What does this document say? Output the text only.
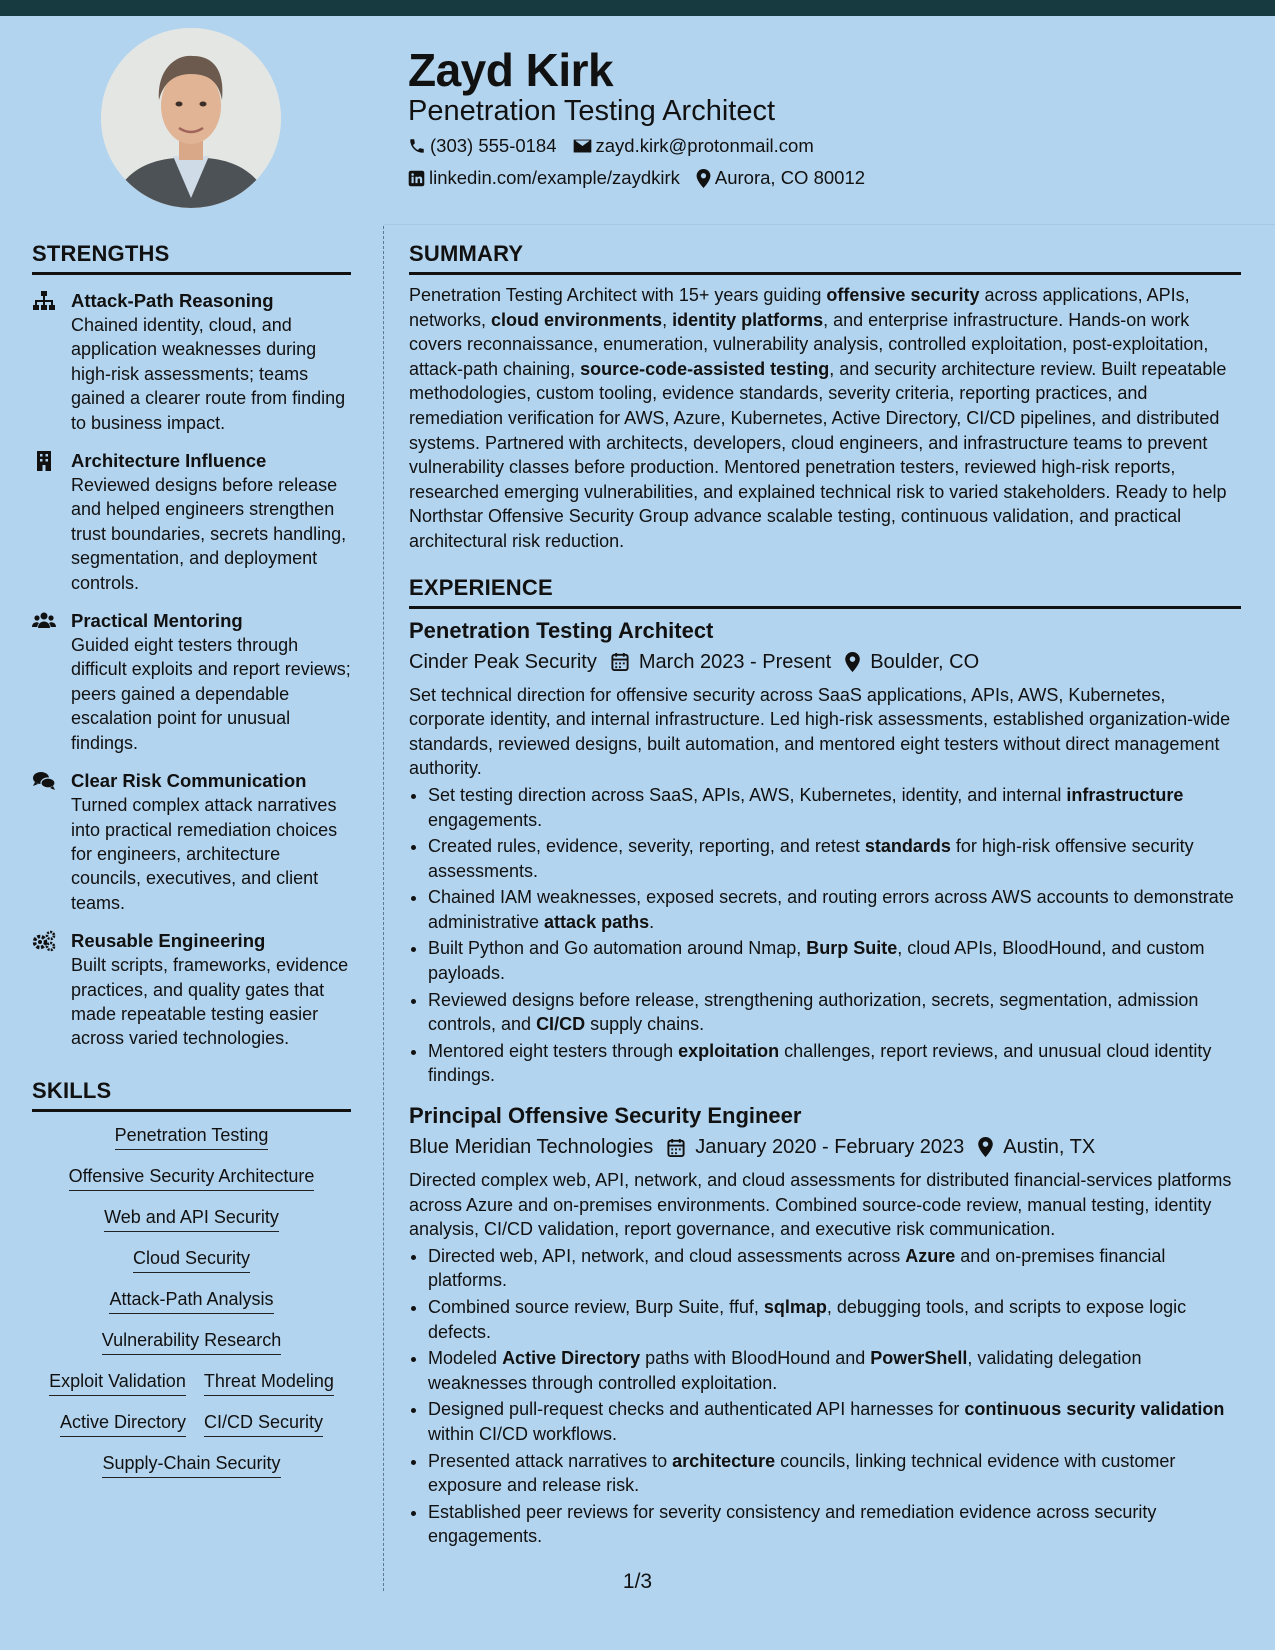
Zayd Kirk
Penetration Testing Architect
(303) 555-0184 zayd.kirk@protonmail.com
linkedin.com/example/zaydkirk Aurora, CO 80012
STRENGTHS
Attack-Path Reasoning
Chained identity, cloud, and application weaknesses during high-risk assessments; teams gained a clearer route from finding to business impact.
Architecture Influence
Reviewed designs before release and helped engineers strengthen trust boundaries, secrets handling, segmentation, and deployment controls.
Practical Mentoring
Guided eight testers through difficult exploits and report reviews; peers gained a dependable escalation point for unusual findings.
Clear Risk Communication
Turned complex attack narratives into practical remediation choices for engineers, architecture councils, executives, and client teams.
Reusable Engineering
Built scripts, frameworks, evidence practices, and quality gates that made repeatable testing easier across varied technologies.
SKILLS
Penetration Testing
Offensive Security Architecture
Web and API Security
Cloud Security
Attack-Path Analysis
Vulnerability Research
Exploit Validation Threat Modeling
Active Directory CI/CD Security
Supply-Chain Security
SUMMARY

Penetration Testing Architect with 15+ years guiding offensive security across applications, APIs, networks, cloud environments, identity platforms, and enterprise infrastructure. Hands-on work covers reconnaissance, enumeration, vulnerability analysis, controlled exploitation, post-exploitation, attack-path chaining, source-code-assisted testing, and security architecture review. Built repeatable methodologies, custom tooling, evidence standards, severity criteria, reporting practices, and remediation verification for AWS, Azure, Kubernetes, Active Directory, CI/CD pipelines, and distributed systems. Partnered with architects, developers, cloud engineers, and infrastructure teams to prevent vulnerability classes before production. Mentored penetration testers, reviewed high-risk reports, researched emerging vulnerabilities, and explained technical risk to varied stakeholders. Ready to help Northstar Offensive Security Group advance scalable testing, continuous validation, and practical architectural risk reduction.

EXPERIENCE
Penetration Testing Architect
Cinder Peak Security March 2023 - Present Boulder, CO

Set technical direction for offensive security across SaaS applications, APIs, AWS, Kubernetes, corporate identity, and internal infrastructure. Led high-risk assessments, established organization-wide standards, reviewed designs, built automation, and mentored eight testers without direct management authority.

• Set testing direction across SaaS, APIs, AWS, Kubernetes, identity, and internal infrastructure engagements.
• Created rules, evidence, severity, reporting, and retest standards for high-risk offensive security assessments.
• Chained IAM weaknesses, exposed secrets, and routing errors across AWS accounts to demonstrate administrative attack paths.
• Built Python and Go automation around Nmap, Burp Suite, cloud APIs, BloodHound, and custom payloads.
• Reviewed designs before release, strengthening authorization, secrets, segmentation, admission controls, and CI/CD supply chains.
• Mentored eight testers through exploitation challenges, report reviews, and unusual cloud identity findings.
Principal Offensive Security Engineer
Blue Meridian Technologies January 2020 - February 2023 Austin, TX

Directed complex web, API, network, and cloud assessments for distributed financial-services platforms across Azure and on-premises environments. Combined source-code review, manual testing, identity analysis, CI/CD validation, report governance, and executive risk communication.

• Directed web, API, network, and cloud assessments across Azure and on-premises financial platforms.
• Combined source review, Burp Suite, ffuf, sqlmap, debugging tools, and scripts to expose logic defects.
• Modeled Active Directory paths with BloodHound and PowerShell, validating delegation weaknesses through controlled exploitation.
• Designed pull-request checks and authenticated API harnesses for continuous security validation within CI/CD workflows.
• Presented attack narratives to architecture councils, linking technical evidence with customer exposure and release risk.
• Established peer reviews for severity consistency and remediation evidence across security engagements.
1/3
